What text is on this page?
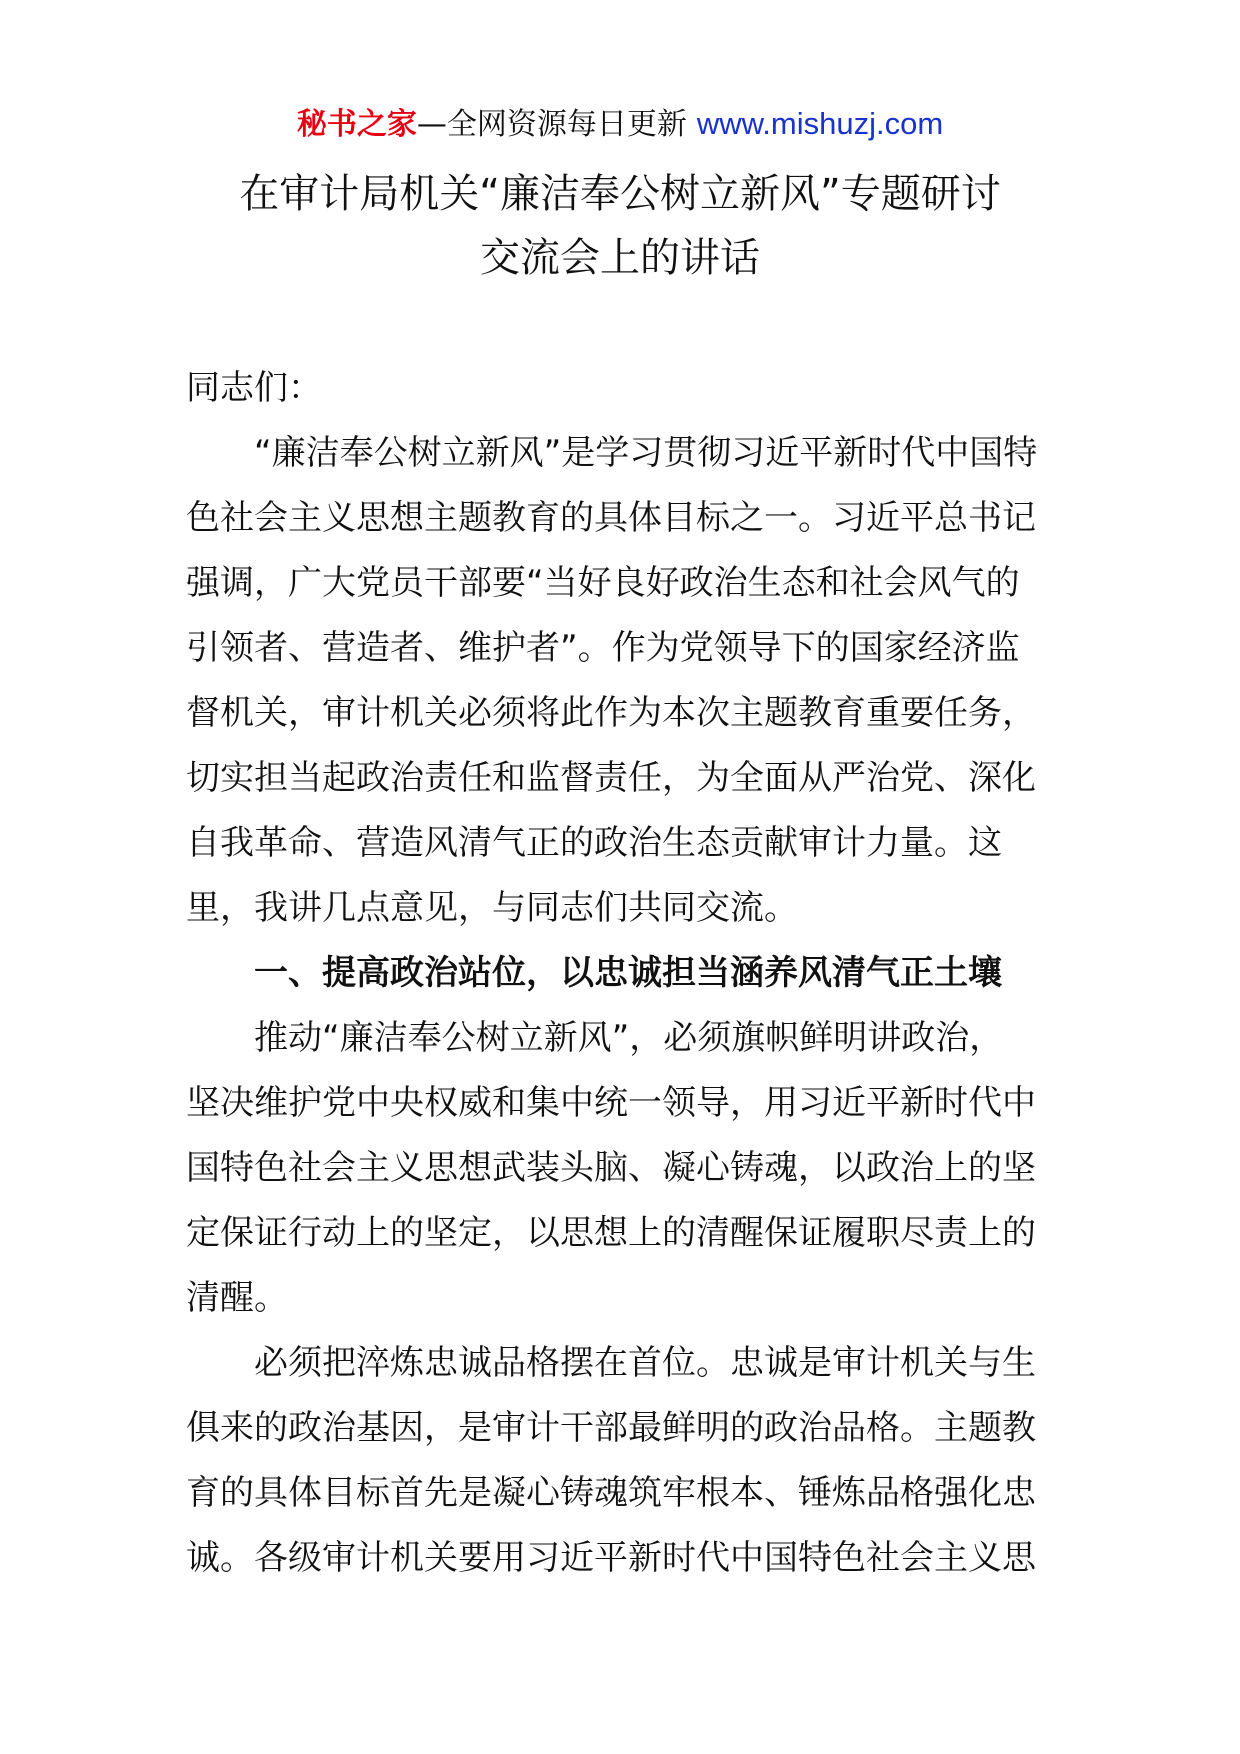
秘书之家—全网资源每日更新 www.mishuzj.com
在审计局机关“廉洁奉公树立新风”专题研讨
交流会上的讲话

同志们：

“廉洁奉公树立新风”是学习贯彻习近平新时代中国特

色社会主义思想主题教育的具体目标之一。习近平总书记

强调，广大党员干部要“当好良好政治生态和社会风气的

引领者、营造者、维护者”。作为党领导下的国家经济监

督机关，审计机关必须将此作为本次主题教育重要任务，

切实担当起政治责任和监督责任，为全面从严治党、深化

自我革命、营造风清气正的政治生态贡献审计力量。这

里，我讲几点意见，与同志们共同交流。

一、提高政治站位，以忠诚担当涵养风清气正土壤

推动“廉洁奉公树立新风”，必须旗帜鲜明讲政治，

坚决维护党中央权威和集中统一领导，用习近平新时代中

国特色社会主义思想武装头脑、凝心铸魂，以政治上的坚

定保证行动上的坚定，以思想上的清醒保证履职尽责上的

清醒。

必须把淬炼忠诚品格摆在首位。忠诚是审计机关与生

俱来的政治基因，是审计干部最鲜明的政治品格。主题教

育的具体目标首先是凝心铸魂筑牢根本、锤炼品格强化忠

诚。各级审计机关要用习近平新时代中国特色社会主义思
